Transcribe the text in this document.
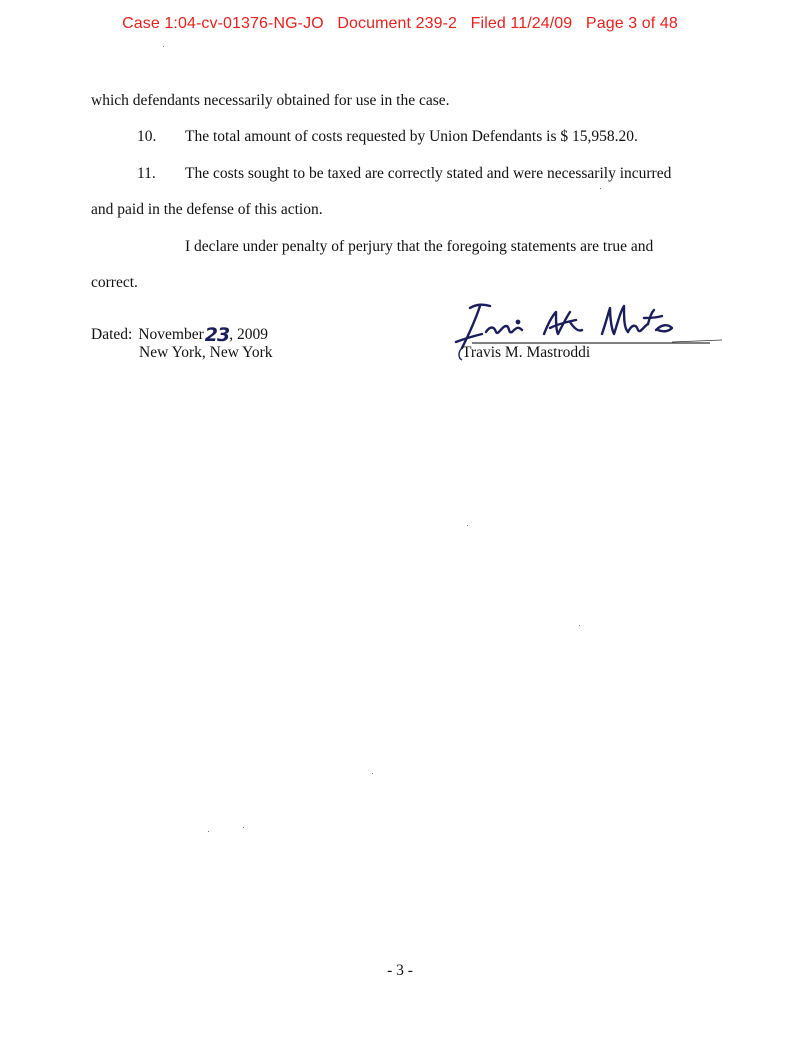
Case 1:04-cv-01376-NG-JO   Document 239-2   Filed 11/24/09   Page 3 of 48
which defendants necessarily obtained for use in the case.
10. The total amount of costs requested by Union Defendants is $ 15,958.20.
11. The costs sought to be taxed are correctly stated and were necessarily incurred
and paid in the defense of this action.
I declare under penalty of perjury that the foregoing statements are true and
correct.
Dated: November 23 , 2009
New York, New York	Travis M. Mastroddi
- 3 -
